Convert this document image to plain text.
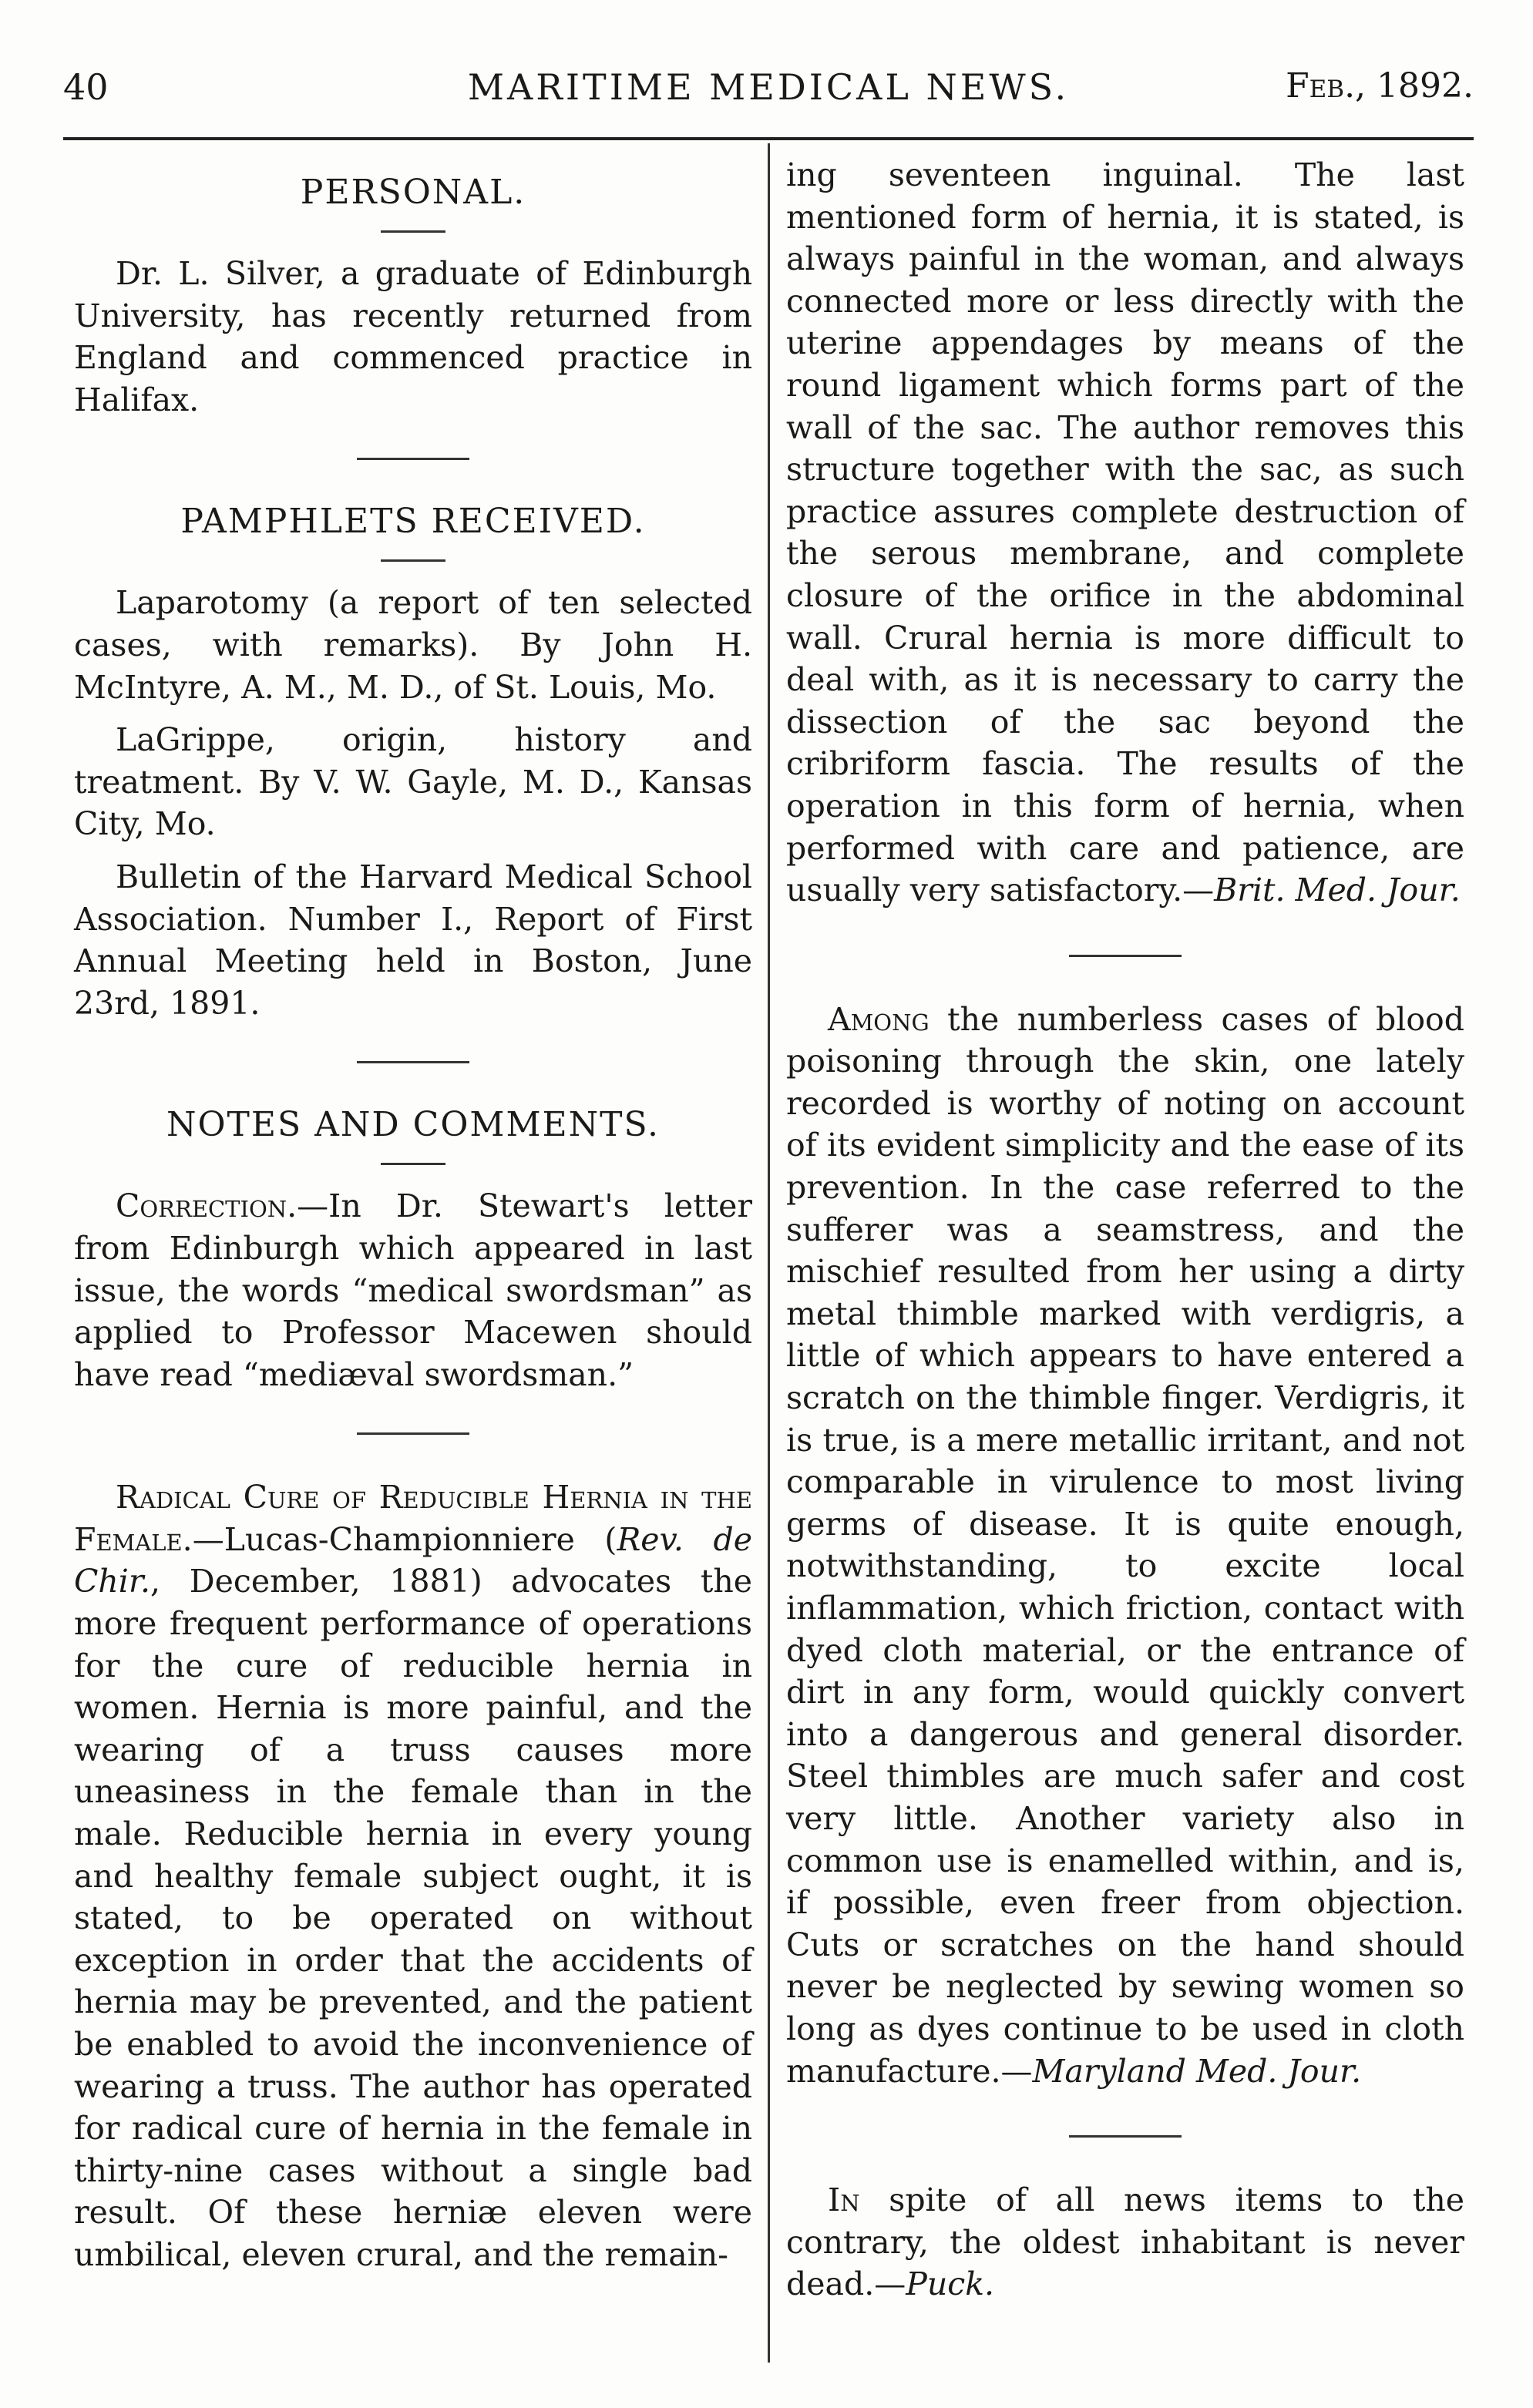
40	MARITIME MEDICAL NEWS.	Feb., 1892.
PERSONAL.

Dr. L. Silver, a graduate of Edinburgh University, has recently returned from England and commenced practice in Halifax.

PAMPHLETS RECEIVED.

Laparotomy (a report of ten selected cases, with remarks). By John H. McIntyre, A. M., M. D., of St. Louis, Mo.

LaGrippe, origin, history and treatment. By V. W. Gayle, M. D., Kansas City, Mo.

Bulletin of the Harvard Medical School Association. Number I., Report of First Annual Meeting held in Boston, June 23rd, 1891.

NOTES AND COMMENTS.

Correction.—In Dr. Stewart's letter from Edinburgh which appeared in last issue, the words “medical swordsman” as applied to Professor Macewen should have read “mediæval swordsman.”

Radical Cure of Reducible Hernia in the Female.—Lucas-Championniere (Rev. de Chir., December, 1881) advocates the more frequent performance of operations for the cure of reducible hernia in women. Hernia is more painful, and the wearing of a truss causes more uneasiness in the female than in the male. Reducible hernia in every young and healthy female subject ought, it is stated, to be operated on without exception in order that the accidents of hernia may be prevented, and the patient be enabled to avoid the inconvenience of wearing a truss. The author has operated for radical cure of hernia in the female in thirty-nine cases without a single bad result. Of these herniæ eleven were umbilical, eleven crural, and the remain-

ing seventeen inguinal. The last mentioned form of hernia, it is stated, is always painful in the woman, and always connected more or less directly with the uterine appendages by means of the round ligament which forms part of the wall of the sac. The author removes this structure together with the sac, as such practice assures complete destruction of the serous membrane, and complete closure of the orifice in the abdominal wall. Crural hernia is more difficult to deal with, as it is necessary to carry the dissection of the sac beyond the cribriform fascia. The results of the operation in this form of hernia, when performed with care and patience, are usually very satisfactory.—Brit. Med. Jour.

Among the numberless cases of blood poisoning through the skin, one lately recorded is worthy of noting on account of its evident simplicity and the ease of its prevention. In the case referred to the sufferer was a seamstress, and the mischief resulted from her using a dirty metal thimble marked with verdigris, a little of which appears to have entered a scratch on the thimble finger. Verdigris, it is true, is a mere metallic irritant, and not comparable in virulence to most living germs of disease. It is quite enough, notwithstanding, to excite local inflammation, which friction, contact with dyed cloth material, or the entrance of dirt in any form, would quickly convert into a dangerous and general disorder. Steel thimbles are much safer and cost very little. Another variety also in common use is enamelled within, and is, if possible, even freer from objection. Cuts or scratches on the hand should never be neglected by sewing women so long as dyes continue to be used in cloth manufacture.—Maryland Med. Jour.

In spite of all news items to the contrary, the oldest inhabitant is never dead.—Puck.
